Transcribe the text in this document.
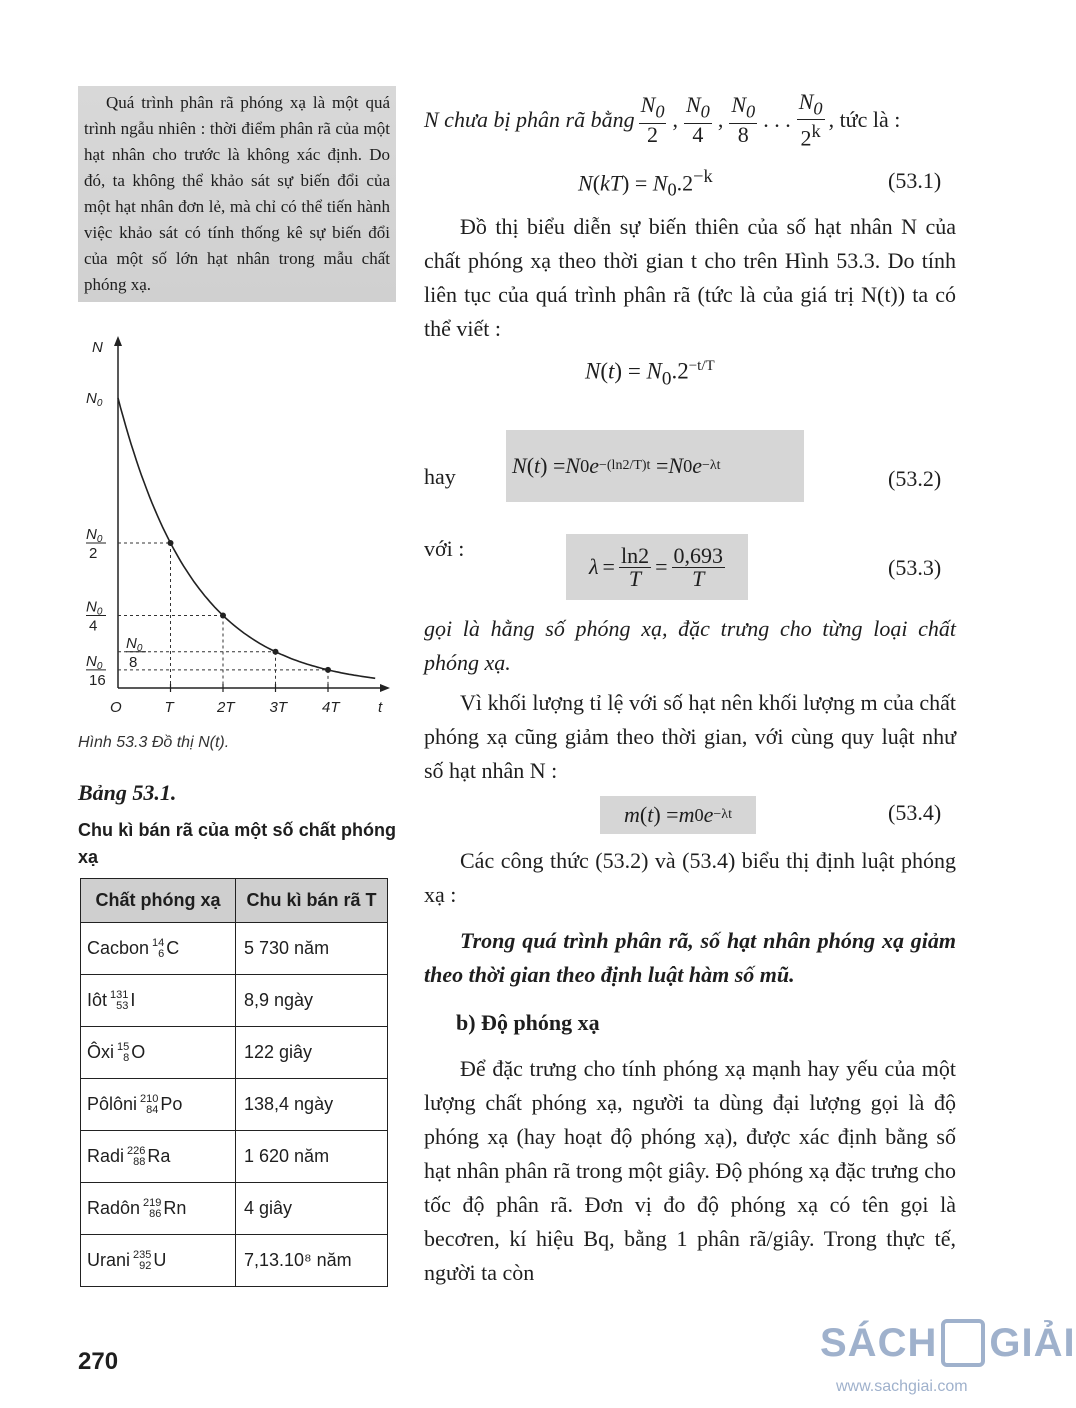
Quá trình phân rã phóng xạ là một quá trình ngẫu nhiên : thời điểm phân rã của một hạt nhân cho trước là không xác định. Do đó, ta không thể khảo sát sự biến đổi của một hạt nhân đơn lẻ, mà chỉ có thể tiến hành việc khảo sát có tính thống kê sự biến đổi của một số lớn hạt nhân trong mẫu chất phóng xạ.

N
t
O	T	2T 3T 4T
$N_0$
$N_0$
2
$N_0$
4
$N_0$
8
$N_0$
16
Hình 53.3 Đồ thị N(t).
Bảng 53.1.
Chu kì bán rã của một số chất phóng xạ
Chất phóng xạ	Chu kì bán rã T

Cacbon 14
6 C	5 730 năm

Iôt 131
53 I	8,9 ngày

Ôxi 15
8 O	122 giây

Pôlôni 210
84 Po	138,4 ngày

Radi 226
88 Ra	1 620 năm

Radôn 219
86 Rn	4 giây

Urani 235
92 U	7,13.10⁸ năm
270
N chưa bị phân rã bằng $\frac{N_0}{2}$ , $\frac{N_0}{4}$ , $\frac{N_0}{8}$ . . . $\frac{N_0}{2^k}$ , tức là :
$N(kT) = N_0.2^{-k}$	(53.1)
Đồ thị biểu diễn sự biến thiên của số hạt nhân N của chất phóng xạ theo thời gian t cho trên Hình 53.3. Do tính liên tục của quá trình phân rã (tức là của giá trị N(t)) ta có thể viết :
$N(t) = N_0.2^{-t/T}$
hay	N ( t ) = N 0 e −(ln2/T)t = N 0 e −λt
(53.2)
với :
$\lambda = \frac{\ln 2}{T} = \frac{0,693}{T}$	(53.3)
gọi là hằng số phóng xạ, đặc trưng cho từng loại chất phóng xạ.
Vì khối lượng tỉ lệ với số hạt nên khối lượng m của chất phóng xạ cũng giảm theo thời gian, với cùng quy luật như số hạt nhân N :
m ( t ) = m 0 e −λt	(53.4)
Các công thức (53.2) và (53.4) biểu thị định luật phóng xạ :
Trong quá trình phân rã, số hạt nhân phóng xạ giảm theo thời gian theo định luật hàm số mũ.
b) Độ phóng xạ
Để đặc trưng cho tính phóng xạ mạnh hay yếu của một lượng chất phóng xạ, người ta dùng đại lượng gọi là độ phóng xạ (hay hoạt độ phóng xạ), được xác định bằng số hạt nhân phân rã trong một giây. Độ phóng xạ đặc trưng cho tốc độ phân rã. Đơn vị đo độ phóng xạ có tên gọi là becơren, kí hiệu Bq, bằng 1 phân rã/giây. Trong thực tế, người ta còn
SÁCH GIẢI
www.sachgiai.com
